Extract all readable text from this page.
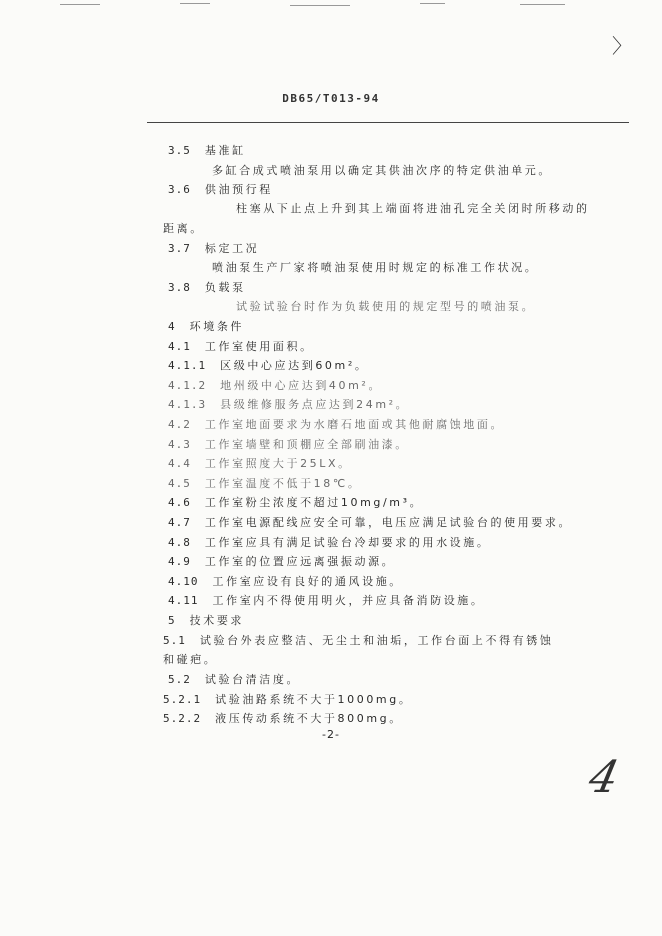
〉
DB65/T013-94
3.5 基准缸
多缸合成式喷油泵用以确定其供油次序的特定供油单元。
3.6 供油预行程
柱塞从下止点上升到其上端面将进油孔完全关闭时所移动的
距离。
3.7 标定工况
喷油泵生产厂家将喷油泵使用时规定的标准工作状况。
3.8 负载泵
试验试验台时作为负载使用的规定型号的喷油泵。
4 环境条件
4.1 工作室使用面积。
4.1.1 区级中心应达到60m²。
4.1.2 地州级中心应达到40m²。
4.1.3 县级维修服务点应达到24m²。
4.2 工作室地面要求为水磨石地面或其他耐腐蚀地面。
4.3 工作室墙壁和顶棚应全部刷油漆。
4.4 工作室照度大于25LX。
4.5 工作室温度不低于18℃。
4.6 工作室粉尘浓度不超过10mg/m³。
4.7 工作室电源配线应安全可靠，电压应满足试验台的使用要求。
4.8 工作室应具有满足试验台冷却要求的用水设施。
4.9 工作室的位置应远离强振动源。
4.10 工作室应设有良好的通风设施。
4.11 工作室内不得使用明火，并应具备消防设施。
5 技术要求
5.1 试验台外表应整洁、无尘土和油垢，工作台面上不得有锈蚀
和碰疤。
5.2 试验台清洁度。
5.2.1 试验油路系统不大于1000mg。
5.2.2 液压传动系统不大于800mg。
-2-
4
